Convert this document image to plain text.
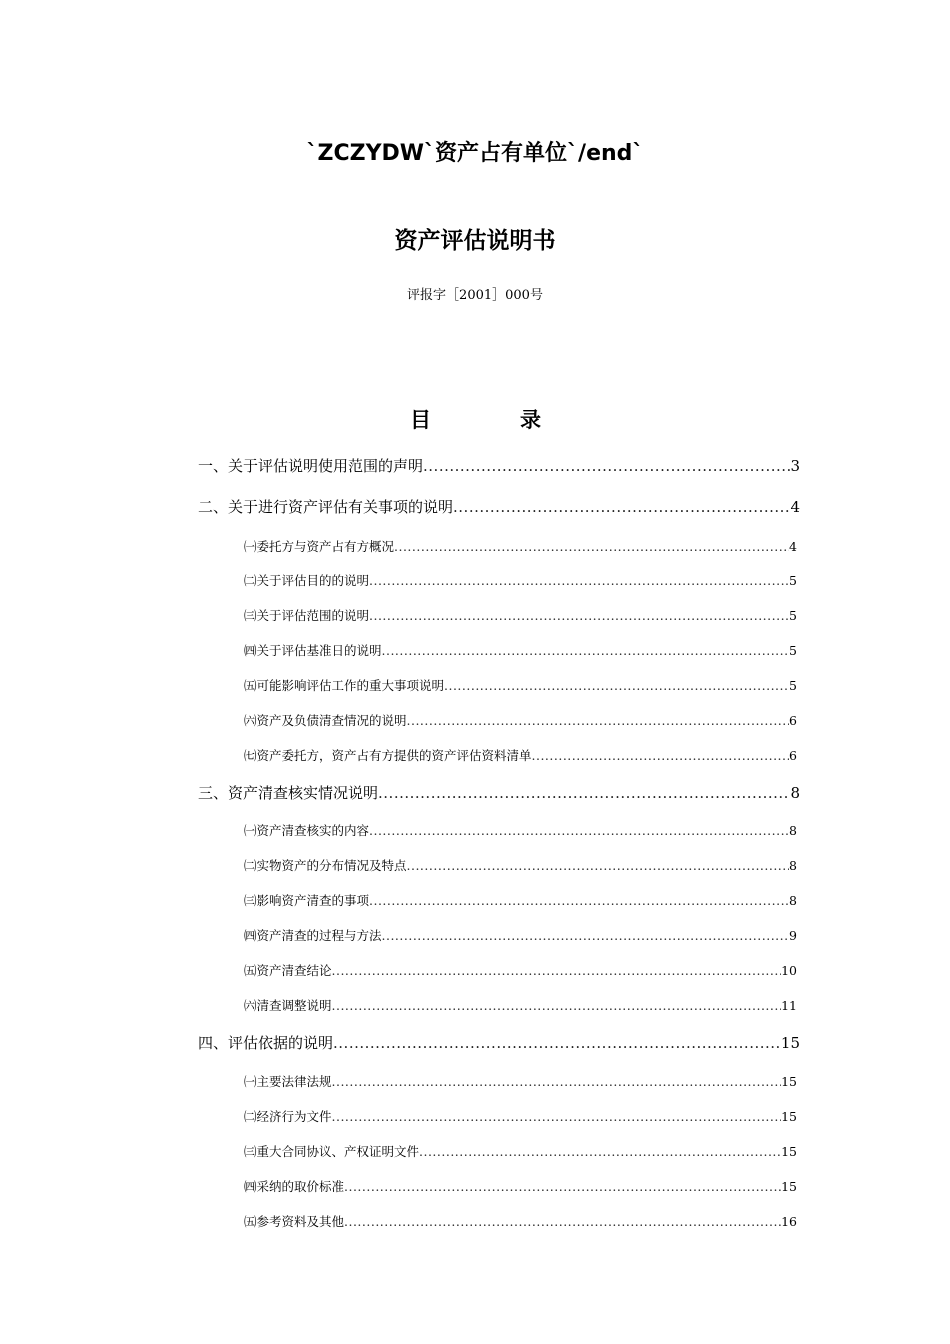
`ZCZYDW`资产占有单位`/end`
资产评估说明书
评报字［2001］000号
目	录
一、关于评估说明使用范围的声明 .....	3
二、关于进行资产评估有关事项的说明 .....	4
㈠委托方与资产占有方概况 .....	4
㈡关于评估目的的说明 .....	5
㈢关于评估范围的说明 .....	5
㈣关于评估基准日的说明 .....	5
㈤可能影响评估工作的重大事项说明 .....	5
㈥资产及负债清查情况的说明 .....	6
㈦资产委托方，资产占有方提供的资产评估资料清单 .....	6
三、资产清查核实情况说明 .....	8
㈠资产清查核实的内容 .....	8
㈡实物资产的分布情况及特点 .....	8
㈢影响资产清查的事项 .....	8
㈣资产清查的过程与方法 .....	9
㈤资产清查结论 .....	10
㈥清查调整说明 .....	11
四、评估依据的说明 .....	15
㈠主要法律法规 .....	15
㈡经济行为文件 .....	15
㈢重大合同协议、产权证明文件 .....	15
㈣采纳的取价标准 .....	15
㈤参考资料及其他 .....	16
